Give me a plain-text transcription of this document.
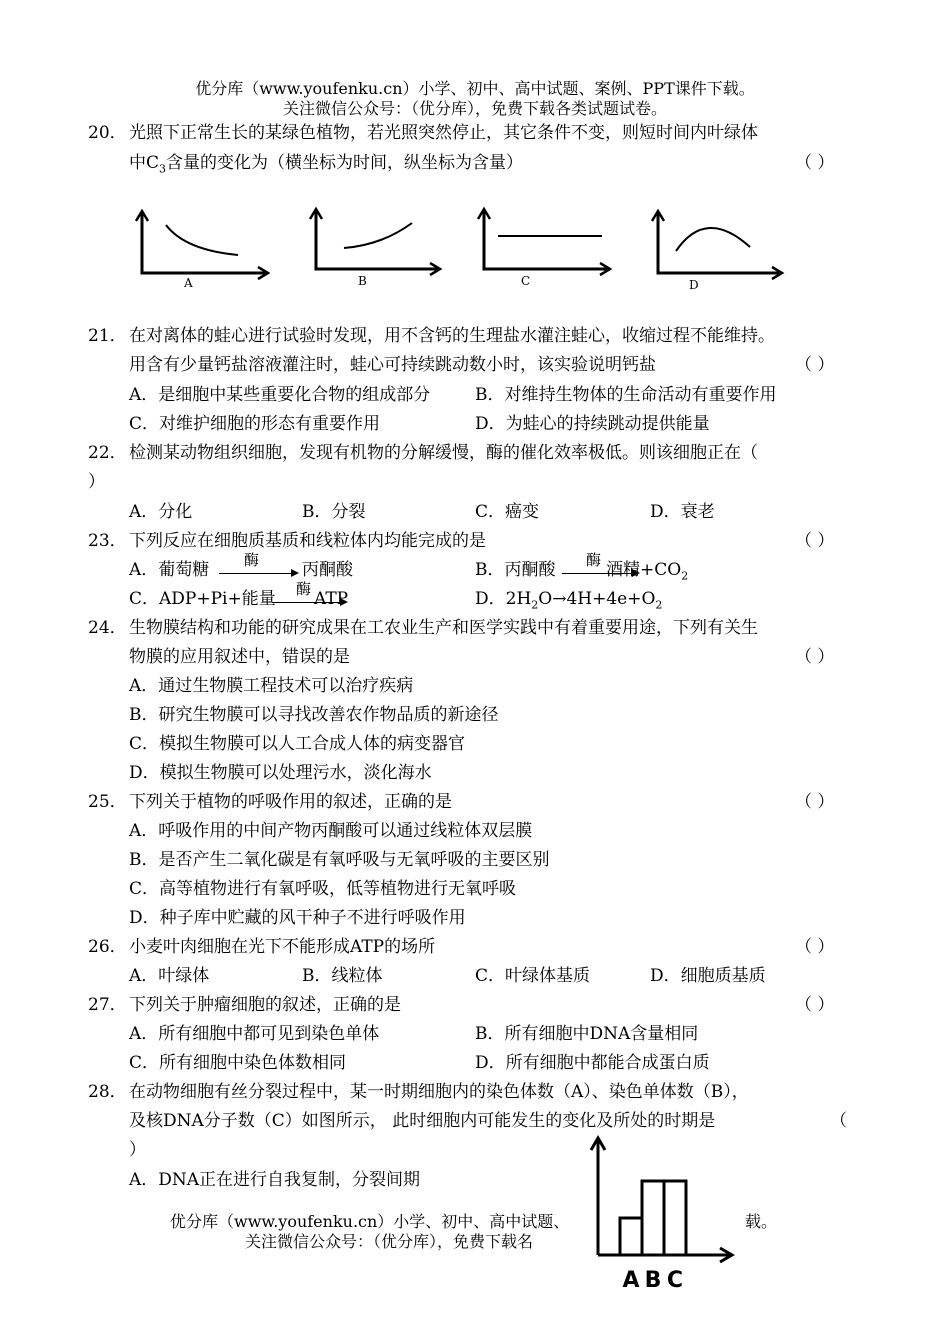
优分库（www.youfenku.cn）小学、初中、高中试题、案例、PPT课件下载。
关注微信公众号：（优分库），免费下载各类试题试卷。
20． 光照下正常生长的某绿色植物，若光照突然停止，其它条件不变，则短时间内叶绿体
中$C_3$含量的变化为（横坐标为时间，纵坐标为含量）	（ ）
A	B	C	D
21． 在对离体的蛙心进行试验时发现，用不含钙的生理盐水灌注蛙心，收缩过程不能维持。
用含有少量钙盐溶液灌注时，蛙心可持续跳动数小时，该实验说明钙盐	（ ）
A．是细胞中某些重要化合物的组成部分	B．对维持生物体的生命活动有重要作用
C．对维护细胞的形态有重要作用	D．为蛙心的持续跳动提供能量
22． 检测某动物组织细胞，发现有机物的分解缓慢，酶的催化效率极低。则该细胞正在（
）
A．分化	B．分裂	C．癌变	D．衰老
23． 下列反应在细胞质基质和线粒体内均能完成的是	（ ）
A．葡萄糖 酶	丙酮酸	B．丙酮酸 酶 酒精$+CO_2$
C．ADP+Pi+能量 酶 ATP	D．$2H_2O\to 4H+4e+O_2$
24． 生物膜结构和功能的研究成果在工农业生产和医学实践中有着重要用途，下列有关生
物膜的应用叙述中，错误的是	（ ）
A．通过生物膜工程技术可以治疗疾病
B．研究生物膜可以寻找改善农作物品质的新途径
C．模拟生物膜可以人工合成人体的病变器官
D．模拟生物膜可以处理污水，淡化海水
25． 下列关于植物的呼吸作用的叙述，正确的是	（ ）
A．呼吸作用的中间产物丙酮酸可以通过线粒体双层膜
B．是否产生二氧化碳是有氧呼吸与无氧呼吸的主要区别
C．高等植物进行有氧呼吸，低等植物进行无氧呼吸
D．种子库中贮藏的风干种子不进行呼吸作用
26． 小麦叶肉细胞在光下不能形成ATP的场所	（ ）
A．叶绿体	B．线粒体	C．叶绿体基质	D．细胞质基质
27． 下列关于肿瘤细胞的叙述，正确的是	（ ）
A．所有细胞中都可见到染色单体	B．所有细胞中DNA含量相同
C．所有细胞中染色体数相同	D．所有细胞中都能合成蛋白质
28． 在动物细胞有丝分裂过程中，某一时期细胞内的染色体数（A）、染色单体数（B），
及核DNA分子数（C）如图所示， 此时细胞内可能发生的变化及所处的时期是	（
）
A．DNA正在进行自我复制，分裂间期
优分库（www.youfenku.cn）小学、初中、高中试题、	载。
关注微信公众号：（优分库），免费下载名
A B C
